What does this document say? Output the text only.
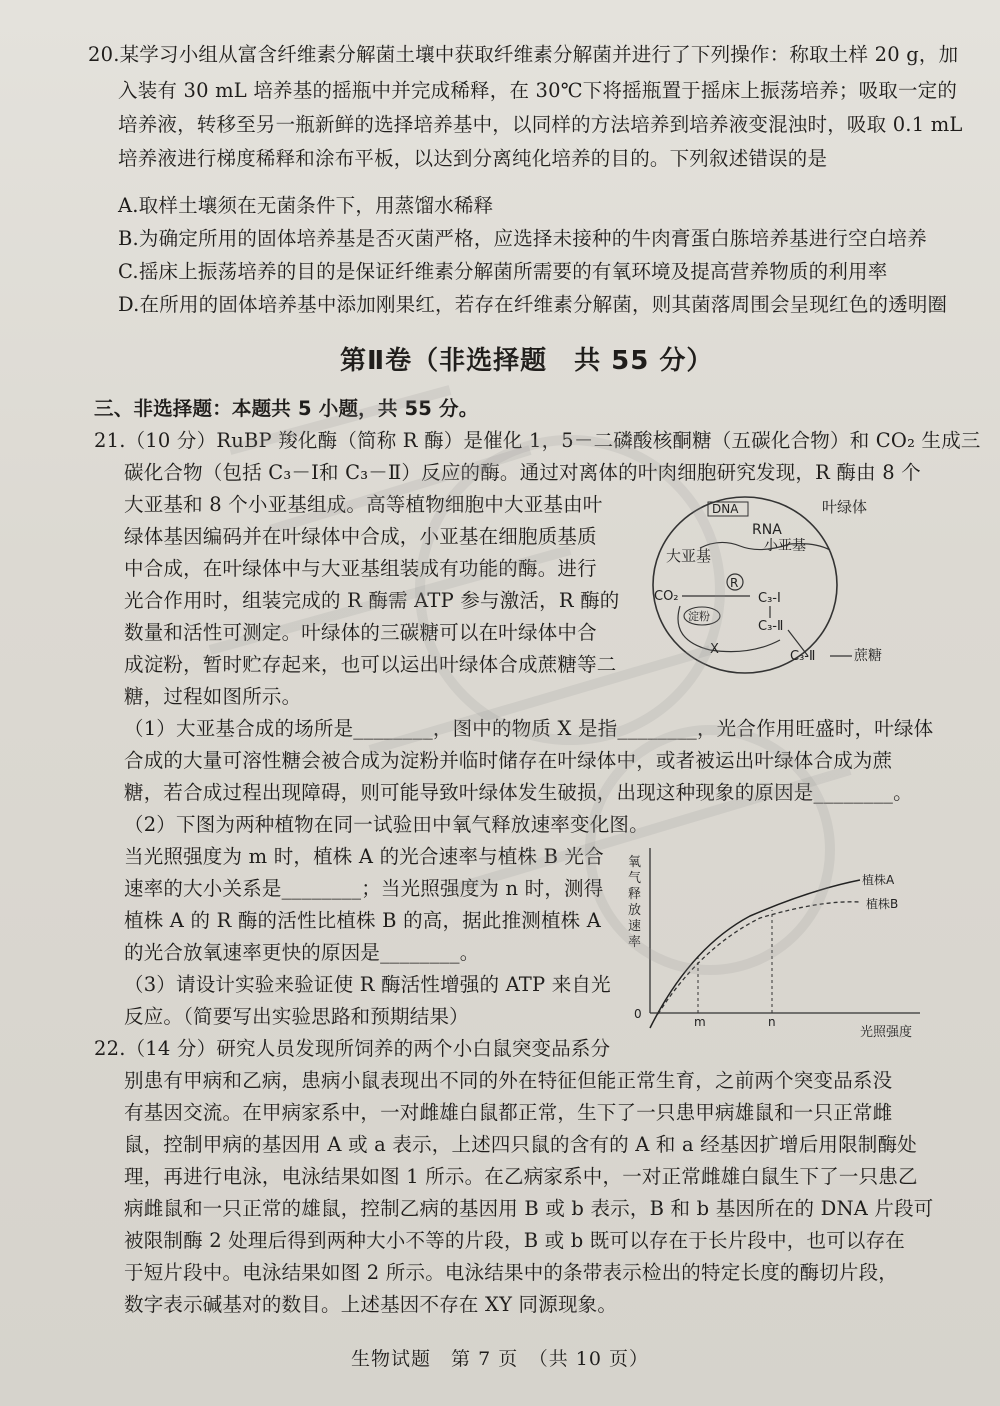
20.某学习小组从富含纤维素分解菌土壤中获取纤维素分解菌并进行了下列操作：称取土样 20 g，加
入装有 30 mL 培养基的摇瓶中并完成稀释，在 30℃下将摇瓶置于摇床上振荡培养；吸取一定的
培养液，转移至另一瓶新鲜的选择培养基中，以同样的方法培养到培养液变混浊时，吸取 0.1 mL
培养液进行梯度稀释和涂布平板，以达到分离纯化培养的目的。下列叙述错误的是
A.取样土壤须在无菌条件下，用蒸馏水稀释
B.为确定所用的固体培养基是否灭菌严格，应选择未接种的牛肉膏蛋白胨培养基进行空白培养
C.摇床上振荡培养的目的是保证纤维素分解菌所需要的有氧环境及提高营养物质的利用率
D.在所用的固体培养基中添加刚果红，若存在纤维素分解菌，则其菌落周围会呈现红色的透明圈
三、非选择题：本题共 5 小题，共 55 分。
21.（10 分）RuBP 羧化酶（简称 R 酶）是催化 1，5－二磷酸核酮糖（五碳化合物）和 CO₂ 生成三
碳化合物（包括 C₃－Ⅰ和 C₃－Ⅱ）反应的酶。通过对离体的叶肉细胞研究发现，R 酶由 8 个
大亚基和 8 个小亚基组成。高等植物细胞中大亚基由叶
绿体基因编码并在叶绿体中合成，小亚基在细胞质基质
中合成，在叶绿体中与大亚基组装成有功能的酶。进行
光合作用时，组装完成的 R 酶需 ATP 参与激活，R 酶的
数量和活性可测定。叶绿体的三碳糖可以在叶绿体中合
成淀粉，暂时贮存起来，也可以运出叶绿体合成蔗糖等二
糖，过程如图所示。
（1）大亚基合成的场所是________，图中的物质 X 是指________，光合作用旺盛时，叶绿体
合成的大量可溶性糖会被合成为淀粉并临时储存在叶绿体中，或者被运出叶绿体合成为蔗
糖，若合成过程出现障碍，则可能导致叶绿体发生破损，出现这种现象的原因是________。
（2）下图为两种植物在同一试验田中氧气释放速率变化图。
当光照强度为 m 时，植株 A 的光合速率与植株 B 光合
速率的大小关系是________；当光照强度为 n 时，测得
植株 A 的 R 酶的活性比植株 B 的高，据此推测植株 A
的光合放氧速率更快的原因是________。
（3）请设计实验来验证使 R 酶活性增强的 ATP 来自光
反应。（简要写出实验思路和预期结果）
22.（14 分）研究人员发现所饲养的两个小白鼠突变品系分
别患有甲病和乙病，患病小鼠表现出不同的外在特征但能正常生育，之前两个突变品系没
有基因交流。在甲病家系中，一对雌雄白鼠都正常，生下了一只患甲病雄鼠和一只正常雌
鼠，控制甲病的基因用 A 或 a 表示，上述四只鼠的含有的 A 和 a 经基因扩增后用限制酶处
理，再进行电泳，电泳结果如图 1 所示。在乙病家系中，一对正常雌雄白鼠生下了一只患乙
病雌鼠和一只正常的雄鼠，控制乙病的基因用 B 或 b 表示，B 和 b 基因所在的 DNA 片段可
被限制酶 2 处理后得到两种大小不等的片段，B 或 b 既可以存在于长片段中，也可以存在
于短片段中。电泳结果如图 2 所示。电泳结果中的条带表示检出的特定长度的酶切片段，
数字表示碱基对的数目。上述基因不存在 XY 同源现象。
第Ⅱ卷（非选择题　共 55 分）
叶绿体
DNA
RNA
小亚基
大亚基
R
CO₂	C₃-Ⅰ
C₃-Ⅱ
淀粉
X	C₃-Ⅱ	蔗糖
氧气释放速率
0
m	n
光照强度
植株A
植株B
生物试题　第 7 页　（共 10 页）
